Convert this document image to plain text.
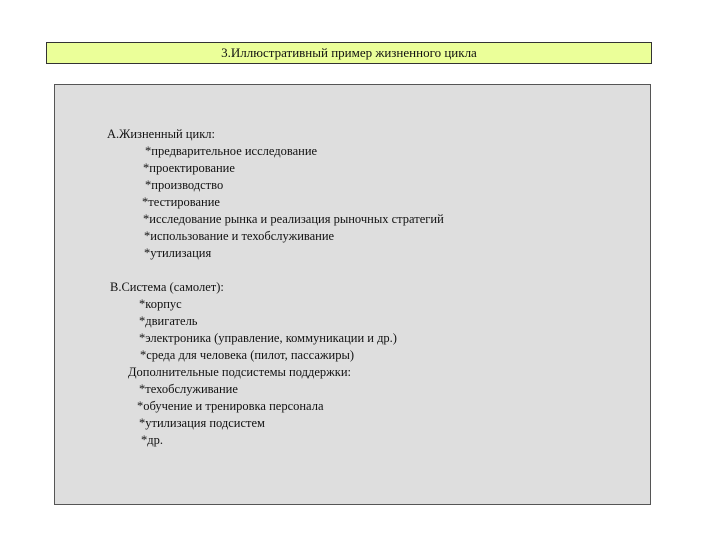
3.Иллюстративный пример жизненного цикла
А.Жизненный цикл:
*предварительное исследование
*проектирование
*производство
*тестирование
*исследование рынка и реализация рыночных стратегий
*использование и техобслуживание
*утилизация
В.Система (самолет):
*корпус
*двигатель
*электроника (управление, коммуникации и др.)
*среда для человека (пилот, пассажиры)
Дополнительные подсистемы поддержки:
*техобслуживание
*обучение и тренировка персонала
*утилизация подсистем
*др.
